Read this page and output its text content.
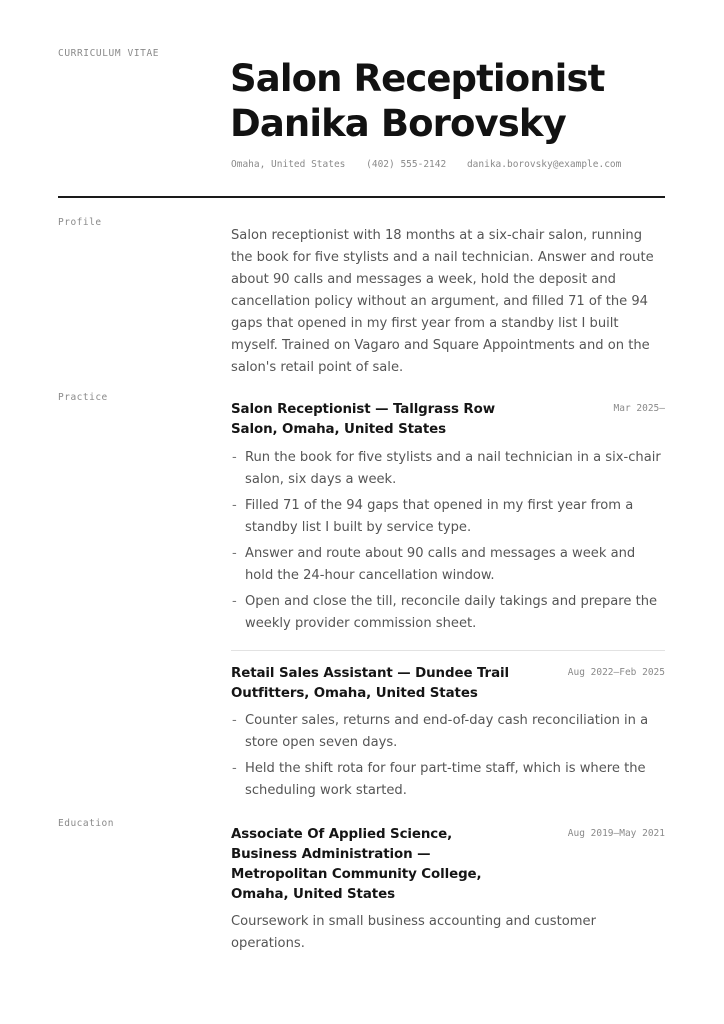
CURRICULUM VITAE
Salon Receptionist
Danika Borovsky
Omaha, United States (402) 555-2142 danika.borovsky@example.com
Profile

Salon receptionist with 18 months at a six-chair salon, running the book for five stylists and a nail technician. Answer and route about 90 calls and messages a week, hold the deposit and cancellation policy without an argument, and filled 71 of the 94 gaps that opened in my first year from a standby list I built myself. Trained on Vagaro and Square Appointments and on the salon's retail point of sale.

Practice
Salon Receptionist — Tallgrass Row Salon, Omaha, United States
Mar 2025–
- Run the book for five stylists and a nail technician in a six-chair salon, six days a week.
- Filled 71 of the 94 gaps that opened in my first year from a standby list I built by service type.
- Answer and route about 90 calls and messages a week and hold the 24-hour cancellation window.
- Open and close the till, reconcile daily takings and prepare the weekly provider commission sheet.
Retail Sales Assistant — Dundee Trail Outfitters, Omaha, United States
Aug 2022–Feb 2025
- Counter sales, returns and end-of-day cash reconciliation in a store open seven days.
- Held the shift rota for four part-time staff, which is where the scheduling work started.
Education
Associate Of Applied Science, Business Administration — Metropolitan Community College, Omaha, United States
Aug 2019–May 2021

Coursework in small business accounting and customer operations.
